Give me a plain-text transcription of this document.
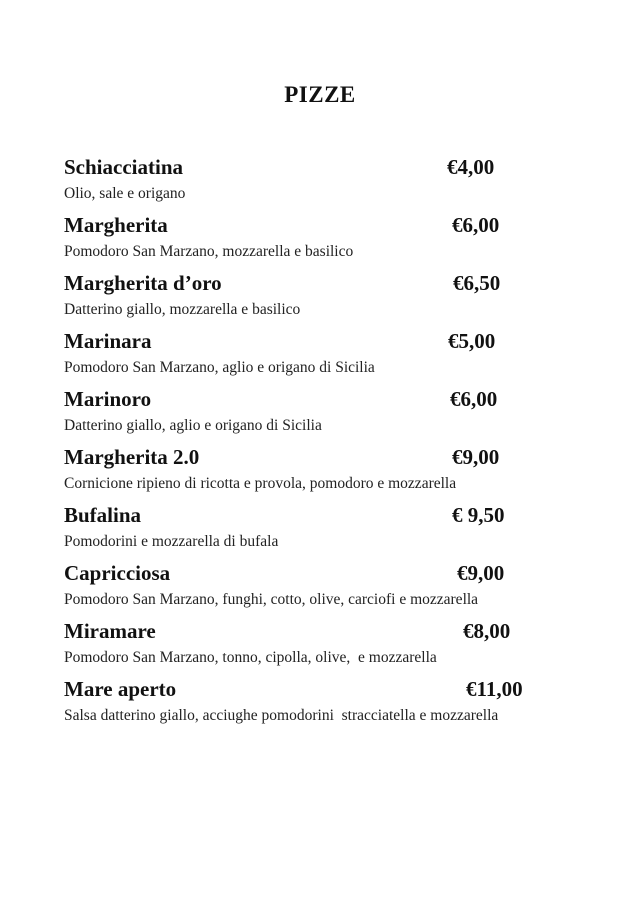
PIZZE
Schiacciatina	€4,00
Olio, sale e origano
Margherita	€6,00
Pomodoro San Marzano, mozzarella e basilico
Margherita d’oro	€6,50
Datterino giallo, mozzarella e basilico
Marinara	€5,00
Pomodoro San Marzano, aglio e origano di Sicilia
Marinoro	€6,00
Datterino giallo, aglio e origano di Sicilia
Margherita 2.0	€9,00
Cornicione ripieno di ricotta e provola, pomodoro e mozzarella
Bufalina	€ 9,50
Pomodorini e mozzarella di bufala
Capricciosa	€9,00
Pomodoro San Marzano, funghi, cotto, olive, carciofi e mozzarella
Miramare	€8,00
Pomodoro San Marzano, tonno, cipolla, olive,  e mozzarella
Mare aperto	€11,00
Salsa datterino giallo, acciughe pomodorini  stracciatella e mozzarella
